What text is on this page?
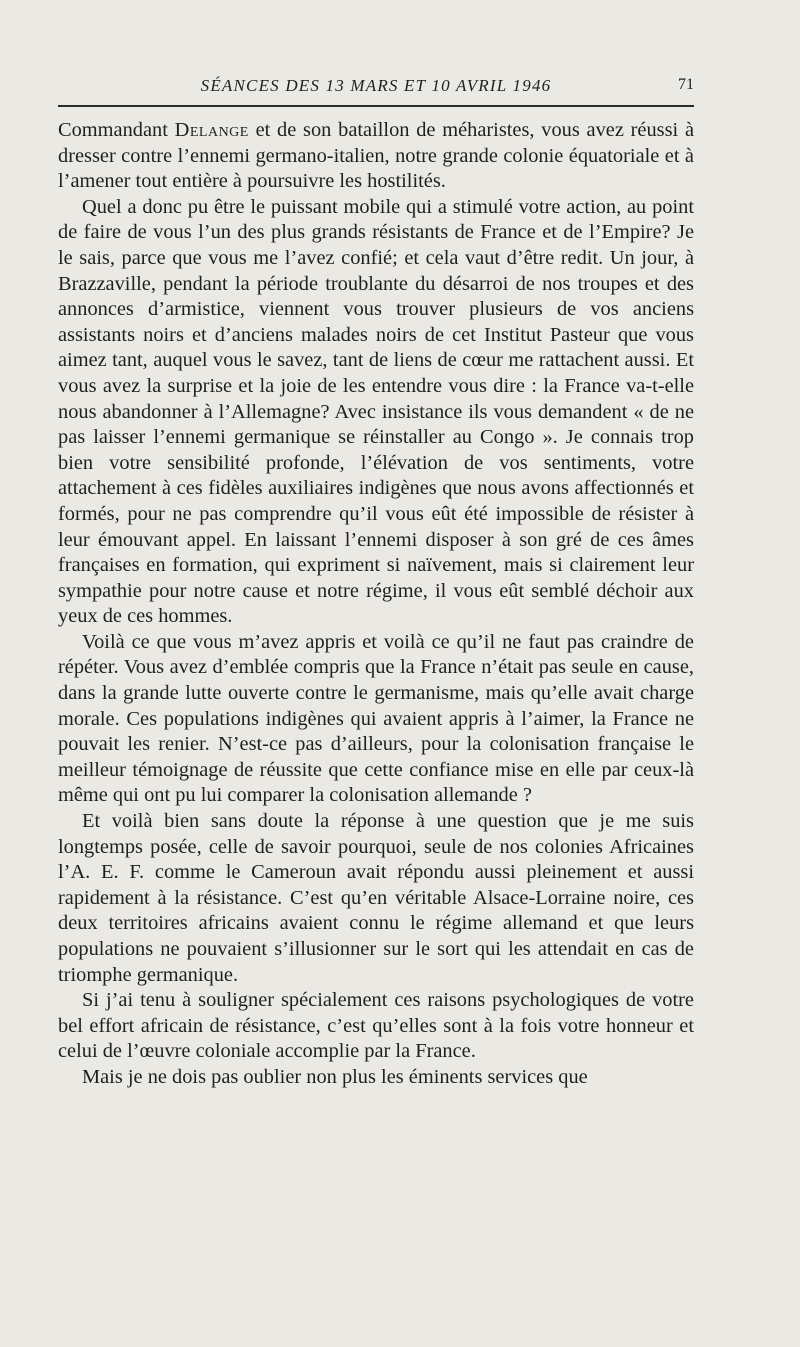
SÉANCES DES 13 MARS ET 10 AVRIL 1946	71

Commandant Delange et de son bataillon de méharistes, vous avez réussi à dresser contre l’ennemi germano-italien, notre grande colonie équatoriale et à l’amener tout entière à poursuivre les hostilités.

Quel a donc pu être le puissant mobile qui a stimulé votre action, au point de faire de vous l’un des plus grands résistants de France et de l’Empire? Je le sais, parce que vous me l’avez confié; et cela vaut d’être redit. Un jour, à Brazzaville, pendant la période troublante du désarroi de nos troupes et des annonces d’armistice, viennent vous trouver plusieurs de vos anciens assistants noirs et d’anciens malades noirs de cet Institut Pasteur que vous aimez tant, auquel vous le savez, tant de liens de cœur me rattachent aussi. Et vous avez la surprise et la joie de les entendre vous dire : la France va-t-elle nous abandonner à l’Allemagne? Avec insistance ils vous demandent « de ne pas laisser l’ennemi germanique se réinstaller au Congo ». Je connais trop bien votre sensibilité profonde, l’élévation de vos sentiments, votre attachement à ces fidèles auxiliaires indigènes que nous avons affectionnés et formés, pour ne pas comprendre qu’il vous eût été impossible de résister à leur émouvant appel. En laissant l’ennemi disposer à son gré de ces âmes françaises en formation, qui expriment si naïvement, mais si clairement leur sympathie pour notre cause et notre régime, il vous eût semblé déchoir aux yeux de ces hommes.

Voilà ce que vous m’avez appris et voilà ce qu’il ne faut pas craindre de répéter. Vous avez d’emblée compris que la France n’était pas seule en cause, dans la grande lutte ouverte contre le germanisme, mais qu’elle avait charge morale. Ces populations indigènes qui avaient appris à l’aimer, la France ne pouvait les renier. N’est-ce pas d’ailleurs, pour la colonisation française le meilleur témoignage de réussite que cette confiance mise en elle par ceux-là même qui ont pu lui comparer la colonisation allemande ?

Et voilà bien sans doute la réponse à une question que je me suis longtemps posée, celle de savoir pourquoi, seule de nos colonies Africaines l’A. E. F. comme le Cameroun avait répondu aussi pleinement et aussi rapidement à la résistance. C’est qu’en véritable Alsace-Lorraine noire, ces deux territoires africains avaient connu le régime allemand et que leurs populations ne pouvaient s’illusionner sur le sort qui les attendait en cas de triomphe germanique.

Si j’ai tenu à souligner spécialement ces raisons psychologiques de votre bel effort africain de résistance, c’est qu’elles sont à la fois votre honneur et celui de l’œuvre coloniale accomplie par la France.

Mais je ne dois pas oublier non plus les éminents services que
